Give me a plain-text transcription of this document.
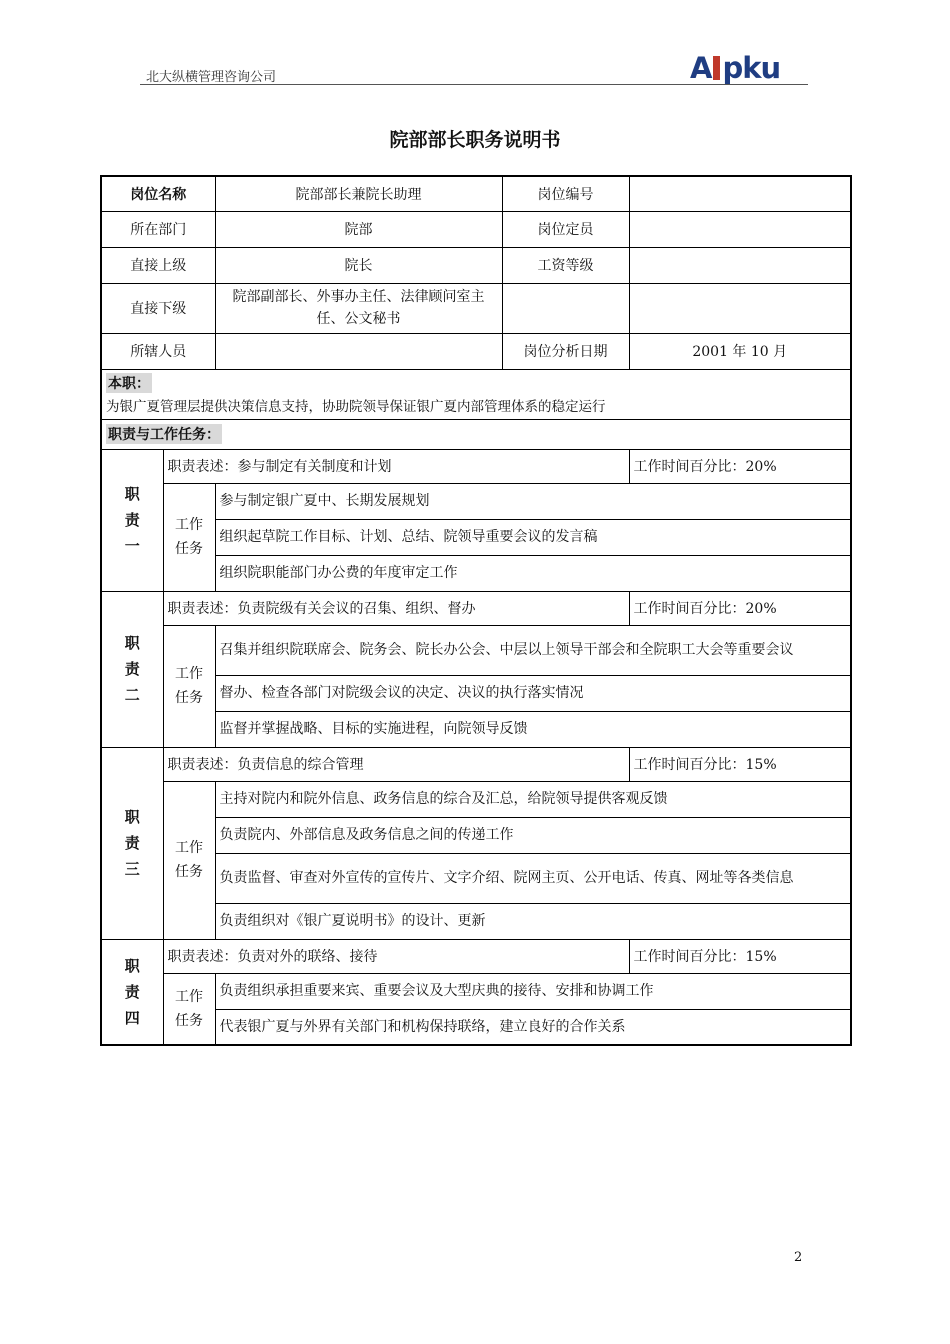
北大纵横管理咨询公司	A pku
院部部长职务说明书
岗位名称		院部部长兼院长助理	岗位编号	
所在部门		院部	岗位定员	
直接上级		院长	工资等级	
直接下级		院部副部长、外事办主任、法律顾问室主
任、公文秘书		

所辖人员			岗位分析日期	2001 年 10 月
本职：
为银广夏管理层提供决策信息支持，协助院领导保证银广夏内部管理体系的稳定运行				

职责与工作任务：				

职
责
一	职责表述：参与制定有关制度和计划			工作时间百分比：20%

	工作
任务	参与制定银广夏中、长期发展规划		
		组织起草院工作目标、计划、总结、院领导重要会议的发言稿		
		组织院职能部门办公费的年度审定工作		

职
责
二	职责表述：负责院级有关会议的召集、组织、督办			工作时间百分比：20%

	工作
任务	召集并组织院联席会、院务会、院长办公会、中层以上领导干部会和全院职工大会等重要会议		
		督办、检查各部门对院级会议的决定、决议的执行落实情况		
		监督并掌握战略、目标的实施进程，向院领导反馈		

职
责
三	职责表述：负责信息的综合管理			工作时间百分比：15%

	工作
任务	主持对院内和院外信息、政务信息的综合及汇总，给院领导提供客观反馈		
		负责院内、外部信息及政务信息之间的传递工作		
		负责监督、审查对外宣传的宣传片、文字介绍、院网主页、公开电话、传真、网址等各类信息		
		负责组织对《银广夏说明书》的设计、更新		

职
责
四	职责表述：负责对外的联络、接待			工作时间百分比：15%

	工作
任务	负责组织承担重要来宾、重要会议及大型庆典的接待、安排和协调工作		
		代表银广夏与外界有关部门和机构保持联络，建立良好的合作关系		
2
